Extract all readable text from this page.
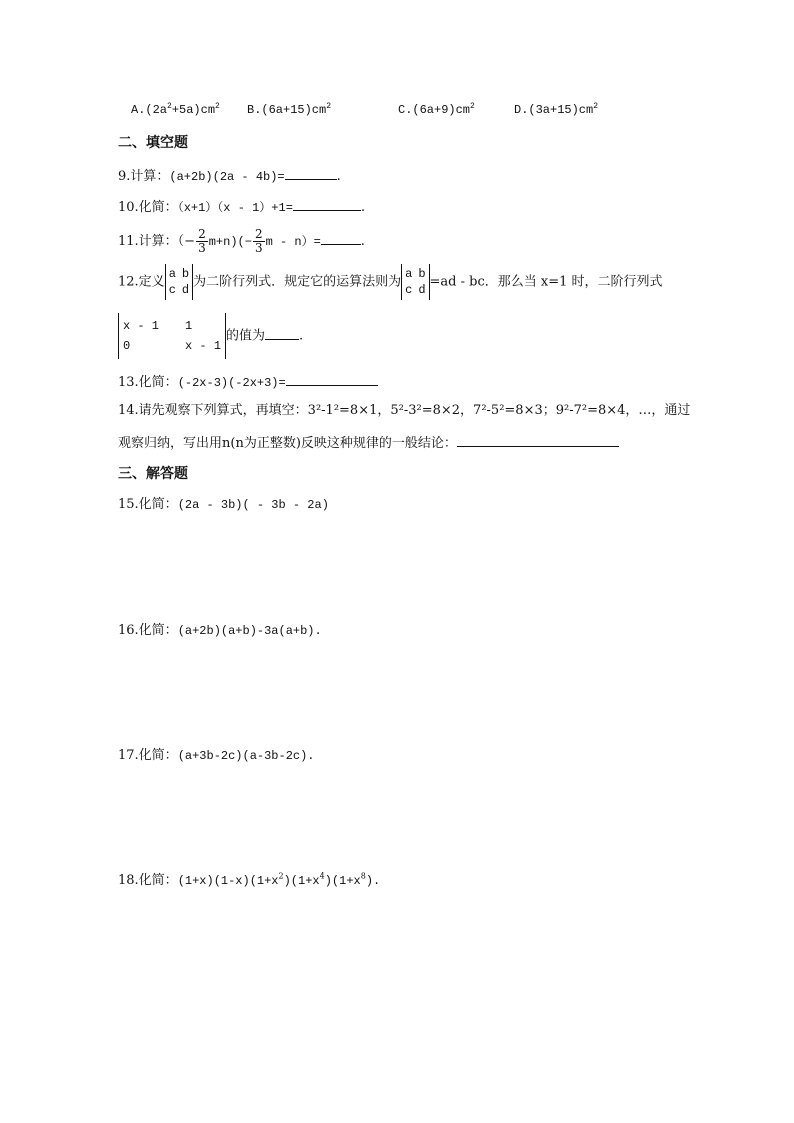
$A.(2a^2+5a)cm^2$ $B.(6a+15)cm^2$	$C.(6a+9)cm^2$	$D.(3a+15)cm^2$
二、填空题
9.计算：(a+2b)(2a - 4b)=	.
10.化简：（x+1）（x - 1）+1=	.
11.计算：（− $\frac{2}{3} m+n)(- \frac{2}{3}$ m - n）=	.
12.定义
a b
c d
为二阶行列式．规定它的运算法则为
a b
c d
=ad - bc．那么当 x=1 时，二阶行列式
x - 1 1
0	x - 1
的值为	.
13.化简：(-2x-3)(-2x+3)=
14.请先观察下列算式，再填空：3²-1²=8×1，5²-3²=8×2，7²-5²=8×3；9²-7²=8×4，…，通过
观察归纳，写出用n(n为正整数)反映这种规律的一般结论：
三、解答题
15.化简：(2a - 3b)( - 3b - 2a)
16.化简：(a+2b)(a+b)-3a(a+b).
17.化简：(a+3b-2c)(a-3b-2c).
18.化简：$(1+x)(1-x)(1+x^2)(1+x^4)(1+x^8)$.
